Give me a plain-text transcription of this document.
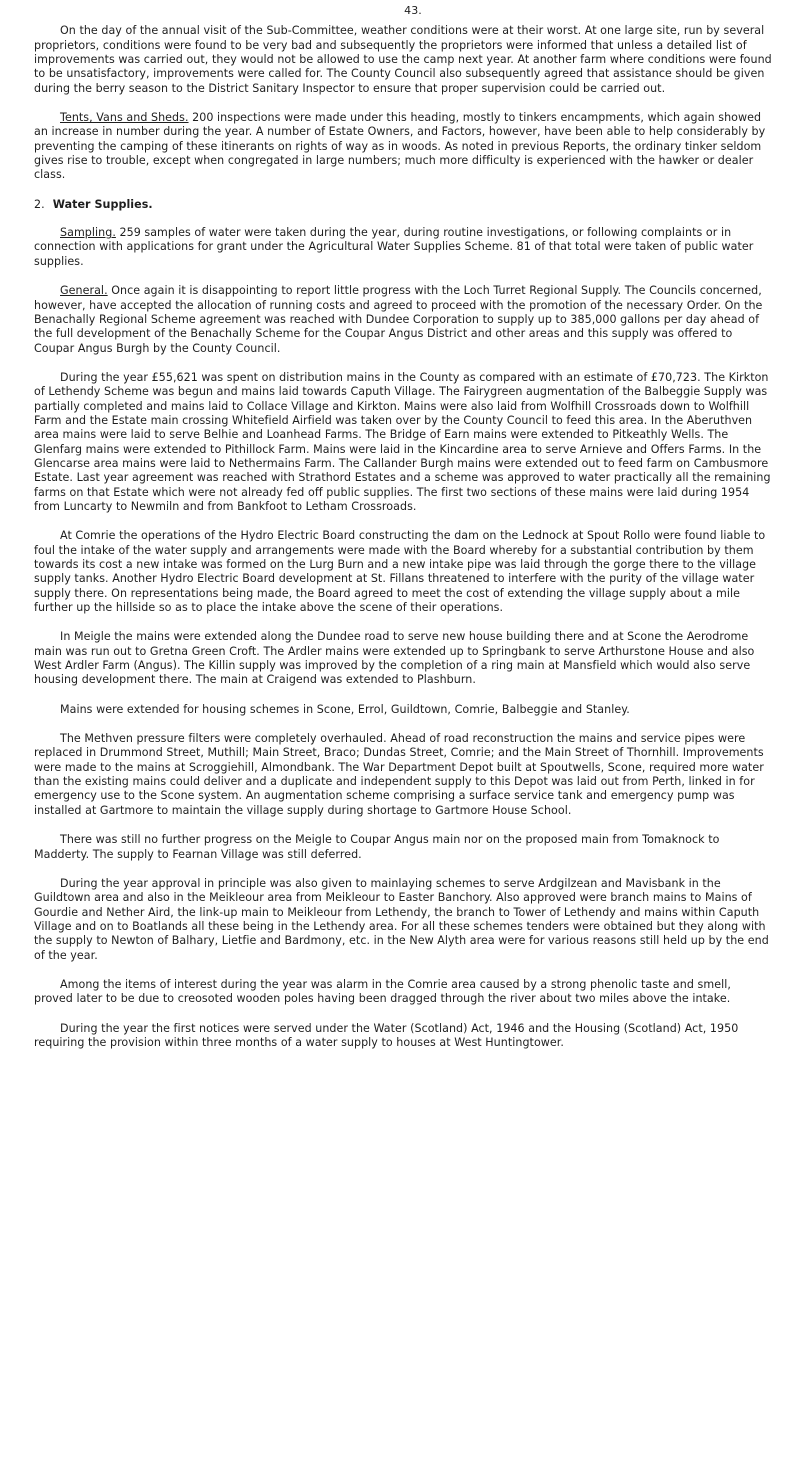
43.

On the day of the annual visit of the Sub-Committee, weather conditions were at their worst. At one large site, run by several proprietors, conditions were found to be very bad and subsequently the proprietors were informed that unless a detailed list of improvements was carried out, they would not be allowed to use the camp next year. At another farm where conditions were found to be unsatisfactory, improvements were called for. The County Council also subsequently agreed that assistance should be given during the berry season to the District Sanitary Inspector to ensure that proper supervision could be carried out.

Tents, Vans and Sheds. 200 inspections were made under this heading, mostly to tinkers encampments, which again showed an increase in number during the year. A number of Estate Owners, and Factors, however, have been able to help considerably by preventing the camping of these itinerants on rights of way as in woods. As noted in previous Reports, the ordinary tinker seldom gives rise to trouble, except when congregated in large numbers; much more difficulty is experienced with the hawker or dealer class.

2. Water Supplies.

Sampling. 259 samples of water were taken during the year, during routine investigations, or following complaints or in connection with applications for grant under the Agricultural Water Supplies Scheme. 81 of that total were taken of public water supplies.

General. Once again it is disappointing to report little progress with the Loch Turret Regional Supply. The Councils concerned, however, have accepted the allocation of running costs and agreed to proceed with the promotion of the necessary Order. On the Benachally Regional Scheme agreement was reached with Dundee Corporation to supply up to 385,000 gallons per day ahead of the full development of the Benachally Scheme for the Coupar Angus District and other areas and this supply was offered to Coupar Angus Burgh by the County Council.

During the year £55,621 was spent on distribution mains in the County as compared with an estimate of £70,723. The Kirkton of Lethendy Scheme was begun and mains laid towards Caputh Village. The Fairygreen augmentation of the Balbeggie Supply was partially completed and mains laid to Collace Village and Kirkton. Mains were also laid from Wolfhill Crossroads down to Wolfhill Farm and the Estate main crossing Whitefield Airfield was taken over by the County Council to feed this area. In the Aberuthven area mains were laid to serve Belhie and Loanhead Farms. The Bridge of Earn mains were extended to Pitkeathly Wells. The Glenfarg mains were extended to Pithillock Farm. Mains were laid in the Kincardine area to serve Arnieve and Offers Farms. In the Glencarse area mains were laid to Nethermains Farm. The Callander Burgh mains were extended out to feed farm on Cambusmore Estate. Last year agreement was reached with Strathord Estates and a scheme was approved to water practically all the remaining farms on that Estate which were not already fed off public supplies. The first two sections of these mains were laid during 1954 from Luncarty to Newmiln and from Bankfoot to Letham Crossroads.

At Comrie the operations of the Hydro Electric Board constructing the dam on the Lednock at Spout Rollo were found liable to foul the intake of the water supply and arrangements were made with the Board whereby for a substantial contribution by them towards its cost a new intake was formed on the Lurg Burn and a new intake pipe was laid through the gorge there to the village supply tanks. Another Hydro Electric Board development at St. Fillans threatened to interfere with the purity of the village water supply there. On representations being made, the Board agreed to meet the cost of extending the village supply about a mile further up the hillside so as to place the intake above the scene of their operations.

In Meigle the mains were extended along the Dundee road to serve new house building there and at Scone the Aerodrome main was run out to Gretna Green Croft. The Ardler mains were extended up to Springbank to serve Arthurstone House and also West Ardler Farm (Angus). The Killin supply was improved by the completion of a ring main at Mansfield which would also serve housing development there. The main at Craigend was extended to Plashburn.

Mains were extended for housing schemes in Scone, Errol, Guildtown, Comrie, Balbeggie and Stanley.

The Methven pressure filters were completely overhauled. Ahead of road reconstruction the mains and service pipes were replaced in Drummond Street, Muthill; Main Street, Braco; Dundas Street, Comrie; and the Main Street of Thornhill. Improvements were made to the mains at Scroggiehill, Almondbank. The War Department Depot built at Spoutwells, Scone, required more water than the existing mains could deliver and a duplicate and independent supply to this Depot was laid out from Perth, linked in for emergency use to the Scone system. An augmentation scheme comprising a surface service tank and emergency pump was installed at Gartmore to maintain the village supply during shortage to Gartmore House School.

There was still no further progress on the Meigle to Coupar Angus main nor on the proposed main from Tomaknock to Madderty. The supply to Fearnan Village was still deferred.

During the year approval in principle was also given to mainlaying schemes to serve Ardgilzean and Mavisbank in the Guildtown area and also in the Meikleour area from Meikleour to Easter Banchory. Also approved were branch mains to Mains of Gourdie and Nether Aird, the link-up main to Meikleour from Lethendy, the branch to Tower of Lethendy and mains within Caputh Village and on to Boatlands all these being in the Lethendy area. For all these schemes tenders were obtained but they along with the supply to Newton of Balhary, Lietfie and Bardmony, etc. in the New Alyth area were for various reasons still held up by the end of the year.

Among the items of interest during the year was alarm in the Comrie area caused by a strong phenolic taste and smell, proved later to be due to creosoted wooden poles having been dragged through the river about two miles above the intake.

During the year the first notices were served under the Water (Scotland) Act, 1946 and the Housing (Scotland) Act, 1950 requiring the provision within three months of a water supply to houses at West Huntingtower.
